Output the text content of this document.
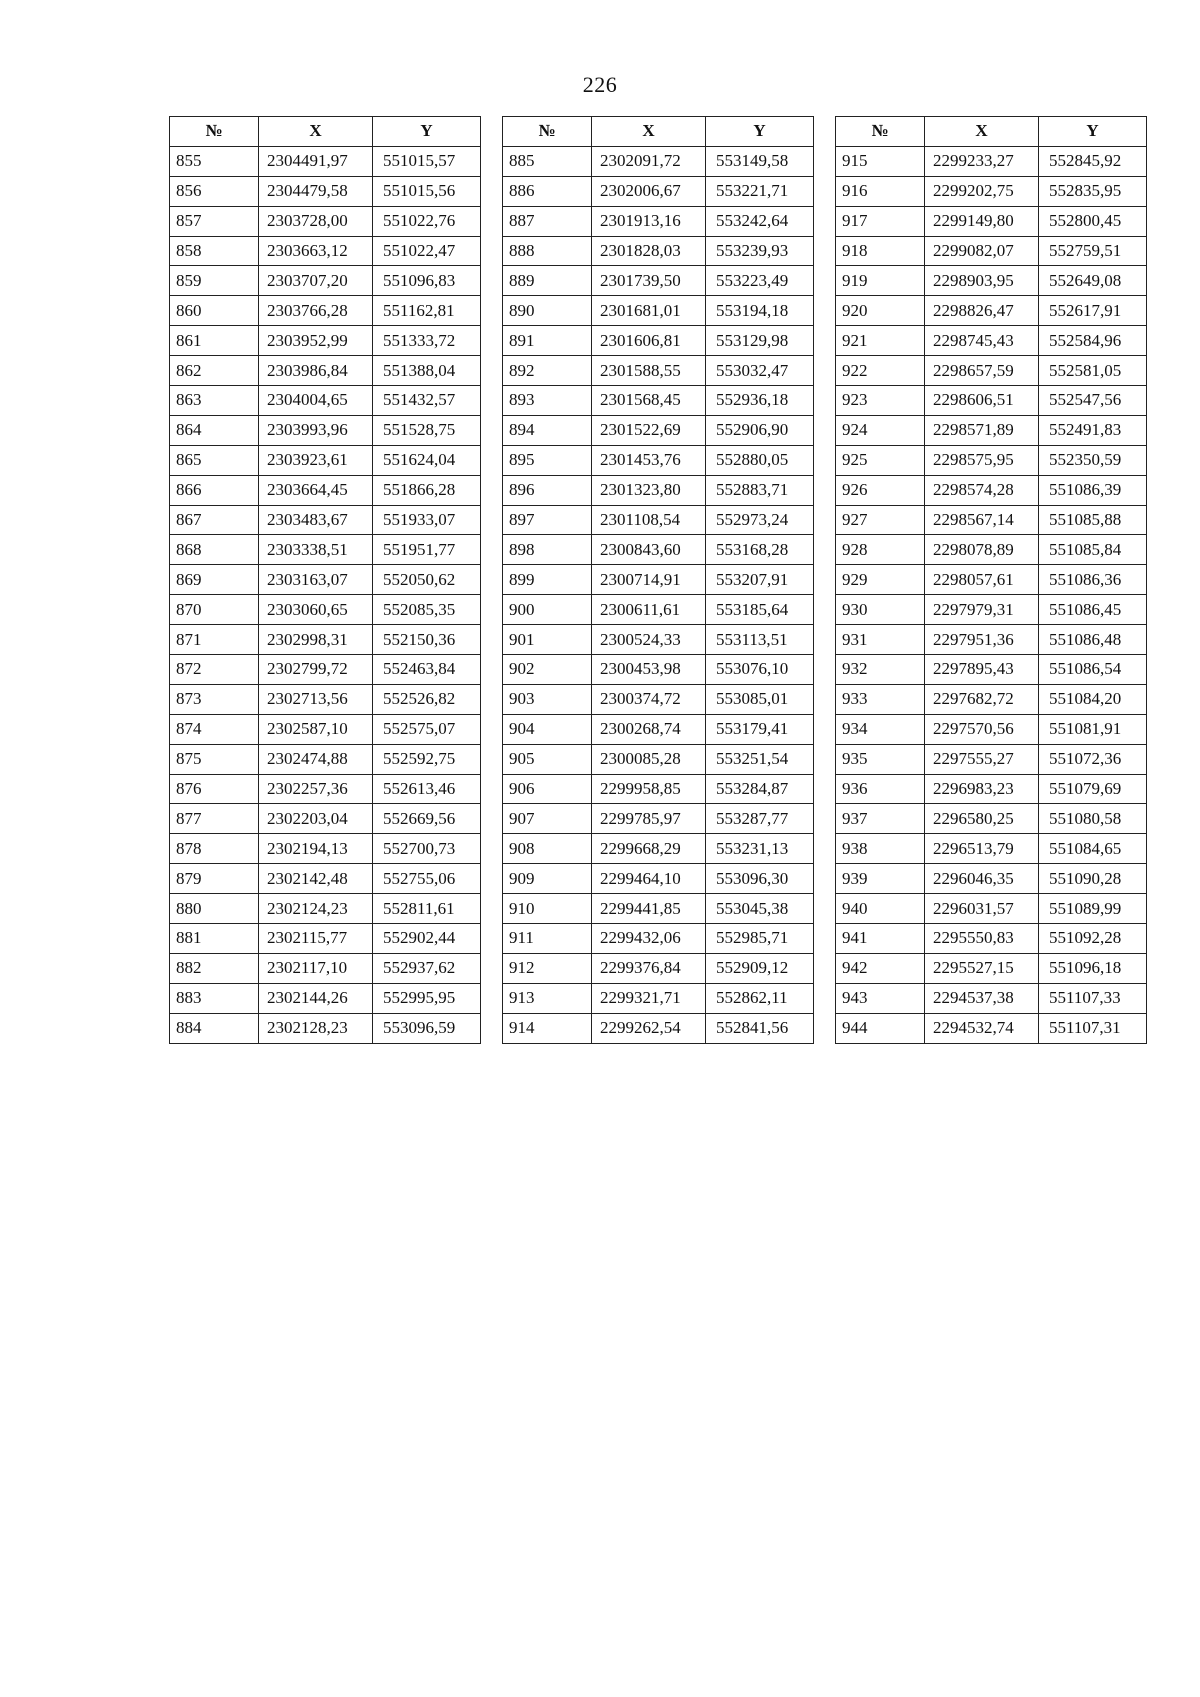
226
№	X	Y
855	2304491,97	551015,57
856	2304479,58	551015,56
857	2303728,00	551022,76
858	2303663,12	551022,47
859	2303707,20	551096,83
860	2303766,28	551162,81
861	2303952,99	551333,72
862	2303986,84	551388,04
863	2304004,65	551432,57
864	2303993,96	551528,75
865	2303923,61	551624,04
866	2303664,45	551866,28
867	2303483,67	551933,07
868	2303338,51	551951,77
869	2303163,07	552050,62
870	2303060,65	552085,35
871	2302998,31	552150,36
872	2302799,72	552463,84
873	2302713,56	552526,82
874	2302587,10	552575,07
875	2302474,88	552592,75
876	2302257,36	552613,46
877	2302203,04	552669,56
878	2302194,13	552700,73
879	2302142,48	552755,06
880	2302124,23	552811,61
881	2302115,77	552902,44
882	2302117,10	552937,62
883	2302144,26	552995,95
884	2302128,23	553096,59
№	X	Y
885	2302091,72	553149,58
886	2302006,67	553221,71
887	2301913,16	553242,64
888	2301828,03	553239,93
889	2301739,50	553223,49
890	2301681,01	553194,18
891	2301606,81	553129,98
892	2301588,55	553032,47
893	2301568,45	552936,18
894	2301522,69	552906,90
895	2301453,76	552880,05
896	2301323,80	552883,71
897	2301108,54	552973,24
898	2300843,60	553168,28
899	2300714,91	553207,91
900	2300611,61	553185,64
901	2300524,33	553113,51
902	2300453,98	553076,10
903	2300374,72	553085,01
904	2300268,74	553179,41
905	2300085,28	553251,54
906	2299958,85	553284,87
907	2299785,97	553287,77
908	2299668,29	553231,13
909	2299464,10	553096,30
910	2299441,85	553045,38
911	2299432,06	552985,71
912	2299376,84	552909,12
913	2299321,71	552862,11
914	2299262,54	552841,56
№	X	Y
915	2299233,27	552845,92
916	2299202,75	552835,95
917	2299149,80	552800,45
918	2299082,07	552759,51
919	2298903,95	552649,08
920	2298826,47	552617,91
921	2298745,43	552584,96
922	2298657,59	552581,05
923	2298606,51	552547,56
924	2298571,89	552491,83
925	2298575,95	552350,59
926	2298574,28	551086,39
927	2298567,14	551085,88
928	2298078,89	551085,84
929	2298057,61	551086,36
930	2297979,31	551086,45
931	2297951,36	551086,48
932	2297895,43	551086,54
933	2297682,72	551084,20
934	2297570,56	551081,91
935	2297555,27	551072,36
936	2296983,23	551079,69
937	2296580,25	551080,58
938	2296513,79	551084,65
939	2296046,35	551090,28
940	2296031,57	551089,99
941	2295550,83	551092,28
942	2295527,15	551096,18
943	2294537,38	551107,33
944	2294532,74	551107,31
